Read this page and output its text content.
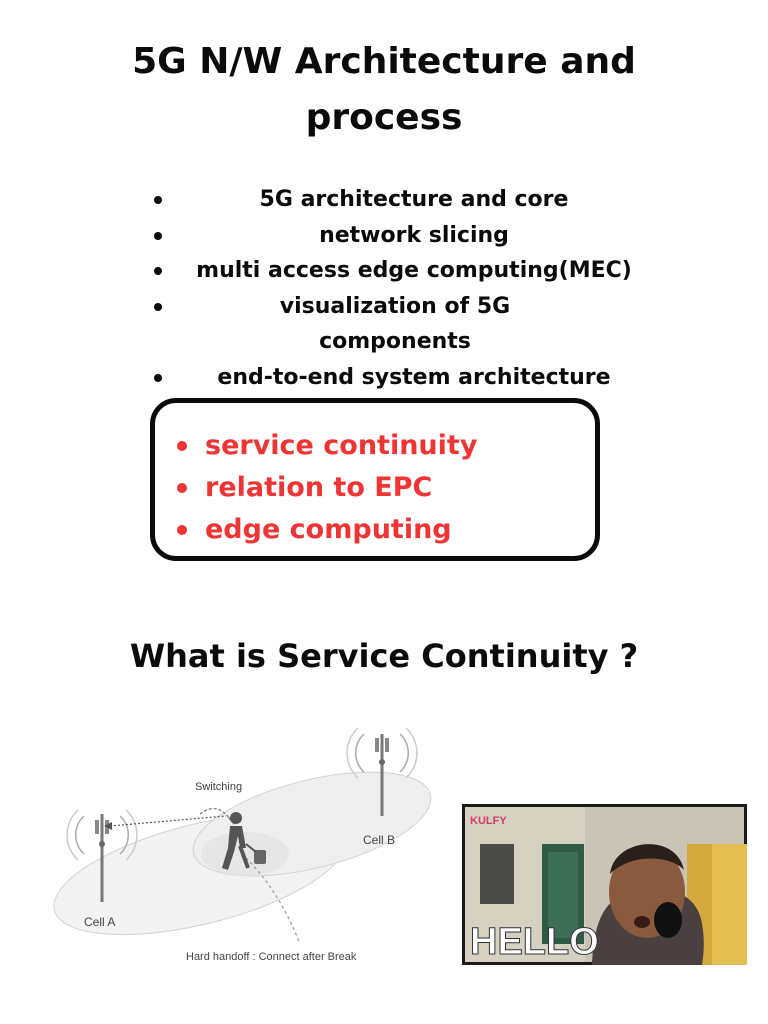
5G N/W Architecture and process
5G architecture and core
network slicing
multi access edge computing(MEC)
visualization of 5G components
end-to-end system architecture
service continuity
relation to EPC
edge computing
What is Service Continuity ?
Switching
Cell B
Cell A
Hard handoff : Connect after Break
KULFY
HELLO
